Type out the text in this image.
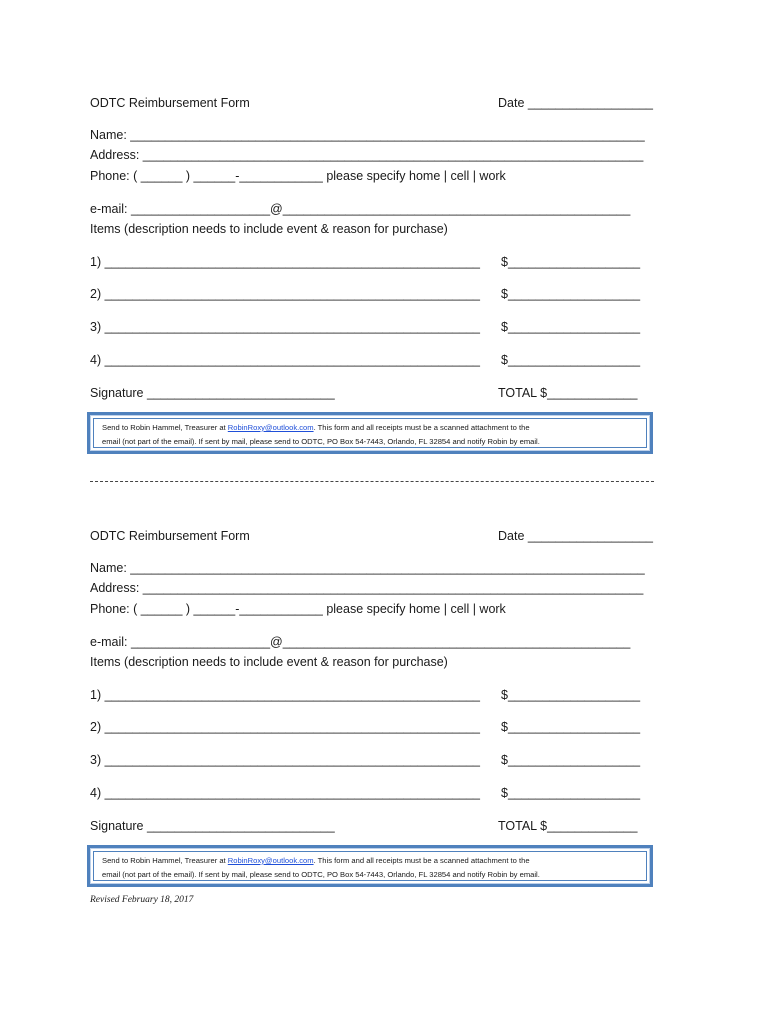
ODTC Reimbursement Form	Date __________________
Name: __________________________________________________________________________
Address: ________________________________________________________________________
Phone: ( ______ ) ______-____________ please specify home | cell | work
e-mail: ____________________@__________________________________________________
Items (description needs to include event & reason for purchase)
1) ______________________________________________________ $___________________
2) ______________________________________________________ $___________________
3) ______________________________________________________ $___________________
4) ______________________________________________________ $___________________
Signature ___________________________	TOTAL $_____________
Send to Robin Hammel, Treasurer at RobinRoxy@outlook.com. This form and all receipts must be a scanned attachment to the
email (not part of the email). If sent by mail, please send to ODTC, PO Box 54-7443, Orlando, FL 32854 and notify Robin by email.
ODTC Reimbursement Form	Date __________________
Name: __________________________________________________________________________
Address: ________________________________________________________________________
Phone: ( ______ ) ______-____________ please specify home | cell | work
e-mail: ____________________@__________________________________________________
Items (description needs to include event & reason for purchase)
1) ______________________________________________________ $___________________
2) ______________________________________________________ $___________________
3) ______________________________________________________ $___________________
4) ______________________________________________________ $___________________
Signature ___________________________	TOTAL $_____________
Send to Robin Hammel, Treasurer at RobinRoxy@outlook.com. This form and all receipts must be a scanned attachment to the
email (not part of the email). If sent by mail, please send to ODTC, PO Box 54-7443, Orlando, FL 32854 and notify Robin by email.
Revised February 18, 2017
